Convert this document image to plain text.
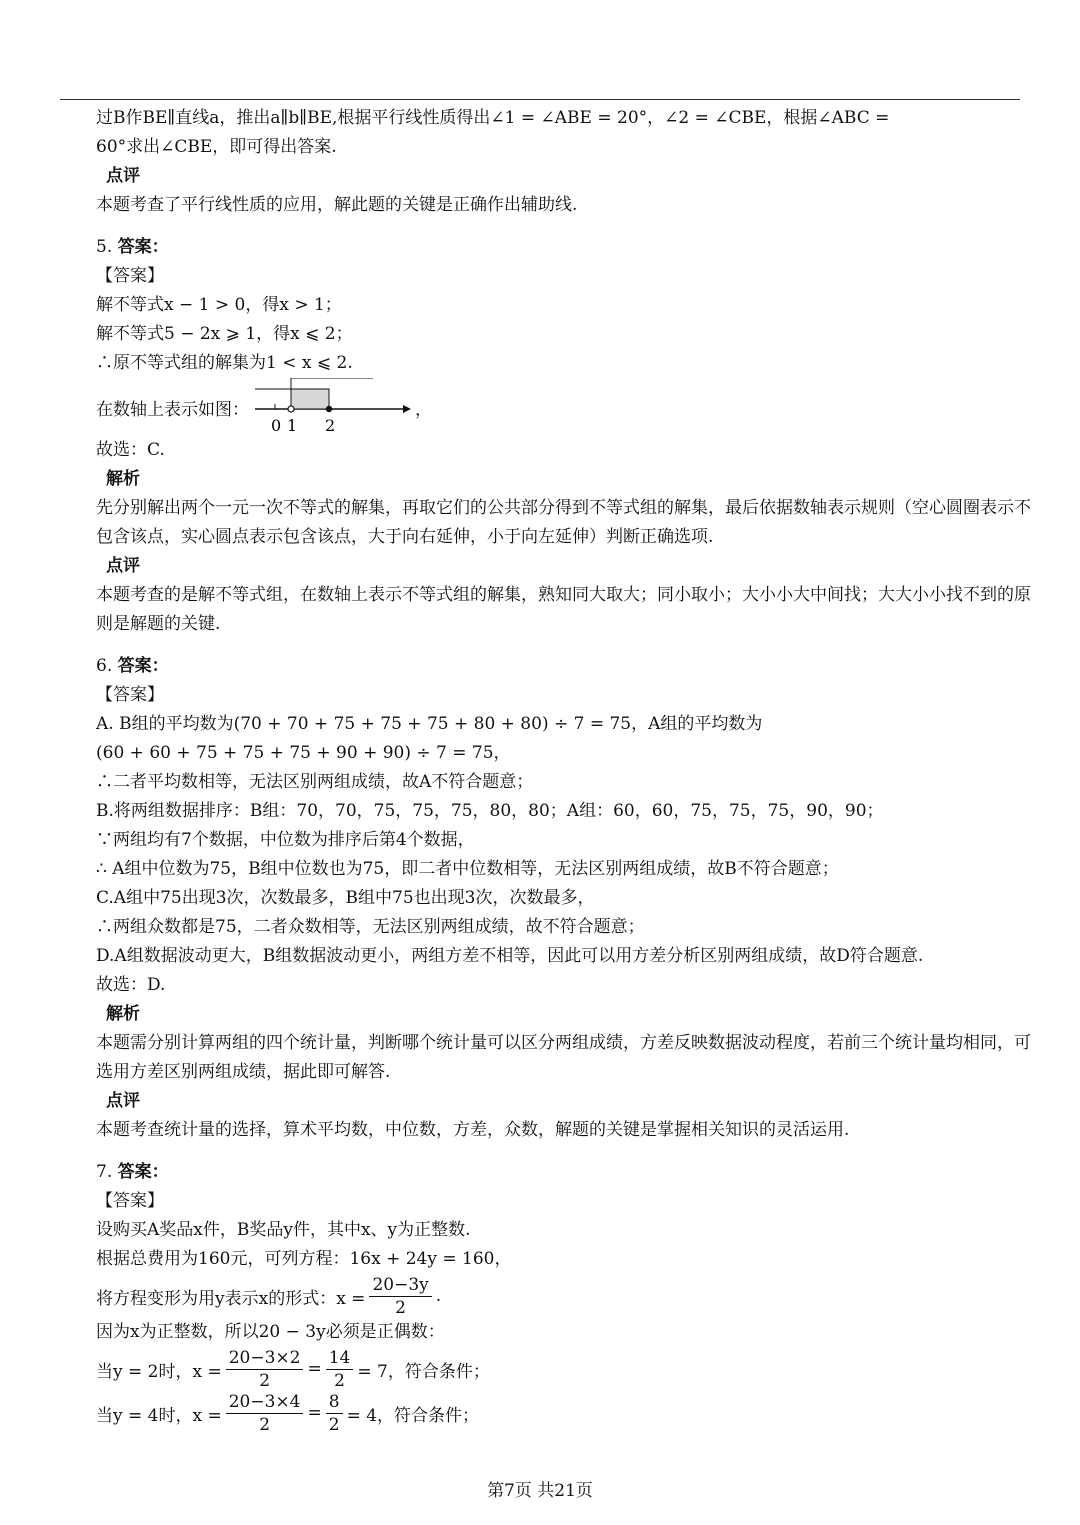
过B作BE∥直线a，推出a∥b∥BE,根据平行线性质得出∠1 = ∠ABE = 20°，∠2 = ∠CBE，根据∠ABC =
60°求出∠CBE，即可得出答案.
点评
本题考查了平行线性质的应用，解此题的关键是正确作出辅助线.
5. 答案：
【答案】
解不等式x − 1 > 0，得x > 1；
解不等式5 − 2x ⩾ 1，得x ⩽ 2；
∴原不等式组的解集为1 < x ⩽ 2.
在数轴上表示如图：
0 1 2
，
故选：C.
解析
先分别解出两个一元一次不等式的解集，再取它们的公共部分得到不等式组的解集，最后依据数轴表示规则（空心圆圈表示不包含该点，实心圆点表示包含该点，大于向右延伸，小于向左延伸）判断正确选项.
点评
本题考查的是解不等式组，在数轴上表示不等式组的解集，熟知同大取大；同小取小；大小小大中间找；大大小小找不到的原则是解题的关键.
6. 答案：
【答案】
A. B组的平均数为(70 + 70 + 75 + 75 + 75 + 80 + 80) ÷ 7 = 75，A组的平均数为
(60 + 60 + 75 + 75 + 75 + 90 + 90) ÷ 7 = 75，
∴二者平均数相等，无法区别两组成绩，故A不符合题意；
B.将两组数据排序：B组：70，70，75，75，75，80，80；A组：60，60，75，75，75，90，90；
∵两组均有7个数据，中位数为排序后第4个数据，
∴ A组中位数为75，B组中位数也为75，即二者中位数相等，无法区别两组成绩，故B不符合题意；
C.A组中75出现3次，次数最多，B组中75也出现3次，次数最多，
∴两组众数都是75，二者众数相等，无法区别两组成绩，故不符合题意；
D.A组数据波动更大，B组数据波动更小，两组方差不相等，因此可以用方差分析区别两组成绩，故D符合题意.
故选：D.
解析
本题需分别计算两组的四个统计量，判断哪个统计量可以区分两组成绩，方差反映数据波动程度，若前三个统计量均相同，可选用方差区别两组成绩，据此即可解答.
点评
本题考查统计量的选择，算术平均数，中位数，方差，众数，解题的关键是掌握相关知识的灵活运用.
7. 答案：
【答案】
设购买A奖品x件，B奖品y件，其中x、y为正整数.
根据总费用为160元，可列方程：16x + 24y = 160，
将方程变形为用y表示x的形式：$x = \frac{20-3y}{2}$ .
因为x为正整数，所以20 − 3y必须是正偶数：
当y = 2时，$x = \frac{20-3\times 2}{2} = \frac{14}{2} = 7$，符合条件；
当y = 4时，$x = \frac{20-3\times 4}{2} = \frac{8}{2} = 4$，符合条件；
第7页 共21页
